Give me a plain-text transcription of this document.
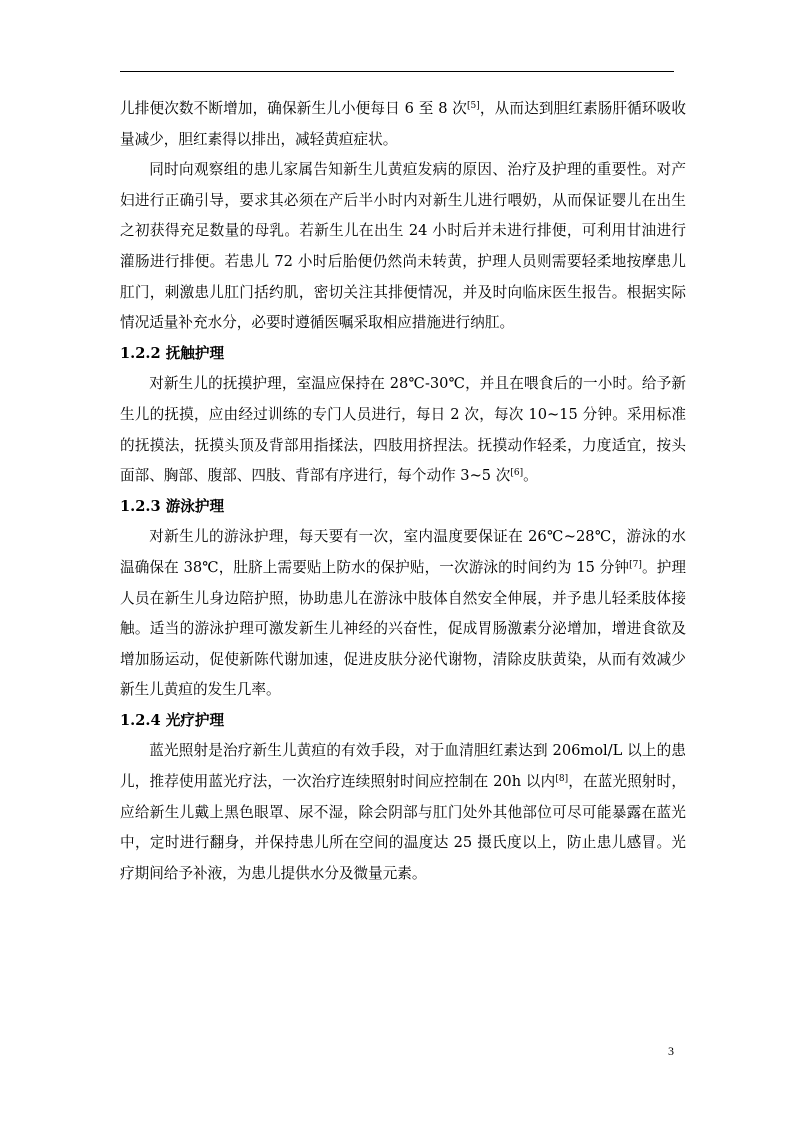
儿排便次数不断增加，确保新生儿小便每日 6 至 8 次[5]，从而达到胆红素肠肝循环吸收量减少，胆红素得以排出，减轻黄疸症状。

同时向观察组的患儿家属告知新生儿黄疸发病的原因、治疗及护理的重要性。对产妇进行正确引导，要求其必须在产后半小时内对新生儿进行喂奶，从而保证婴儿在出生之初获得充足数量的母乳。若新生儿在出生 24 小时后并未进行排便，可利用甘油进行灌肠进行排便。若患儿 72 小时后胎便仍然尚未转黄，护理人员则需要轻柔地按摩患儿肛门，刺激患儿肛门括约肌，密切关注其排便情况，并及时向临床医生报告。根据实际情况适量补充水分，必要时遵循医嘱采取相应措施进行纳肛。

1.2.2 抚触护理

对新生儿的抚摸护理，室温应保持在 28℃-30℃，并且在喂食后的一小时。给予新生儿的抚摸，应由经过训练的专门人员进行，每日 2 次，每次 10~15 分钟。采用标准的抚摸法，抚摸头顶及背部用指揉法，四肢用挤捏法。抚摸动作轻柔，力度适宜，按头面部、胸部、腹部、四肢、背部有序进行，每个动作 3~5 次[6]。

1.2.3 游泳护理

对新生儿的游泳护理，每天要有一次，室内温度要保证在 26℃~28℃，游泳的水温确保在 38℃，肚脐上需要贴上防水的保护贴，一次游泳的时间约为 15 分钟[7]。护理人员在新生儿身边陪护照，协助患儿在游泳中肢体自然安全伸展，并予患儿轻柔肢体接触。适当的游泳护理可激发新生儿神经的兴奋性，促成胃肠激素分泌增加，增进食欲及增加肠运动，促使新陈代谢加速，促进皮肤分泌代谢物，清除皮肤黄染，从而有效减少新生儿黄疸的发生几率。

1.2.4 光疗护理

蓝光照射是治疗新生儿黄疸的有效手段，对于血清胆红素达到 206mol/L 以上的患儿，推荐使用蓝光疗法，一次治疗连续照射时间应控制在 20h 以内[8]，在蓝光照射时，应给新生儿戴上黑色眼罩、尿不湿，除会阴部与肛门处外其他部位可尽可能暴露在蓝光中，定时进行翻身，并保持患儿所在空间的温度达 25 摄氏度以上，防止患儿感冒。光疗期间给予补液，为患儿提供水分及微量元素。

3
